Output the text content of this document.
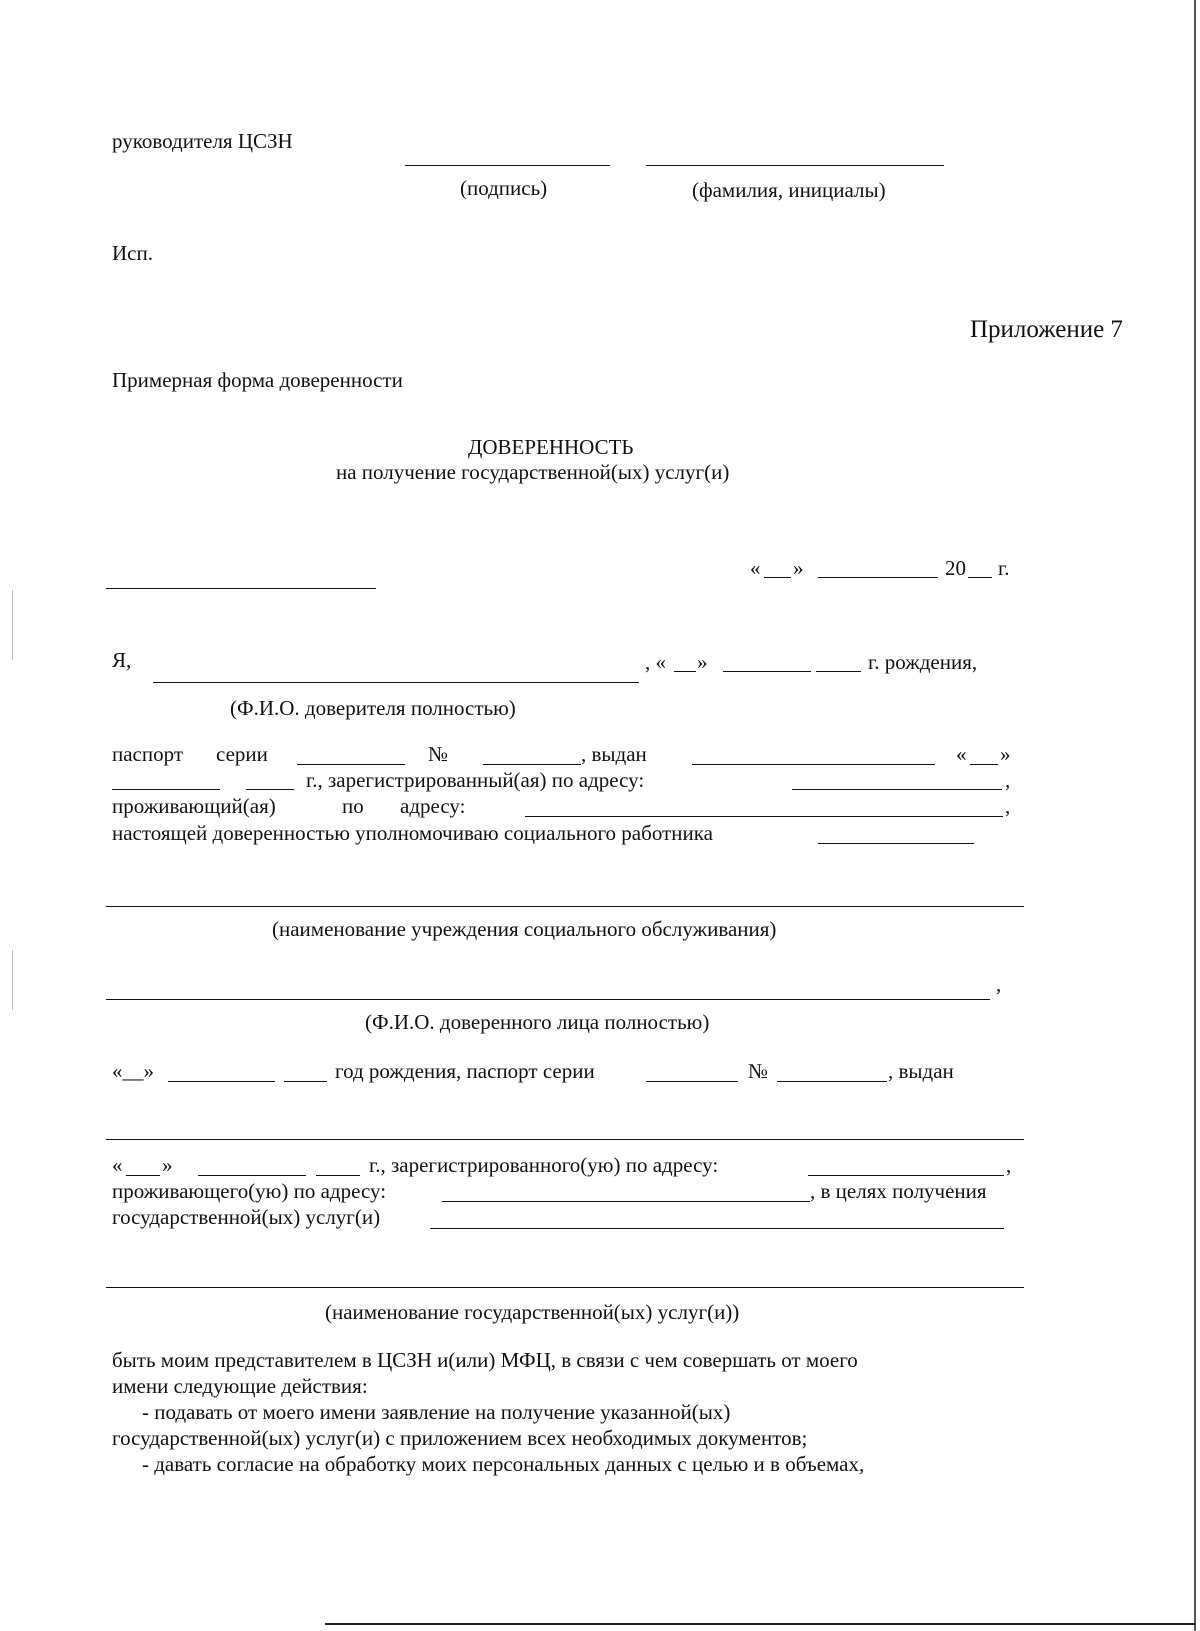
руководителя ЦСЗН
(подпись)	(фамилия, инициалы)
Исп.
Приложение 7
Примерная форма доверенности
ДОВЕРЕННОСТЬ
на получение государственной(ых) услуг(и)
« »	20 г.
Я,	, « »	г. рождения,
(Ф.И.О. доверителя полностью)
паспорт серии	№	, выдан	« »
г., зарегистрированный(ая) по адресу:	,
проживающий(ая)	по адресу:	,
настоящей доверенностью уполномочиваю социального работника
(наименование учреждения социального обслуживания)
,
(Ф.И.О. доверенного лица полностью)
«__»	год рождения, паспорт серии	№	, выдан
« »	г., зарегистрированного(ую) по адресу:	,
проживающего(ую) по адресу:	, в целях получения
государственной(ых) услуг(и)
(наименование государственной(ых) услуг(и))
быть моим представителем в ЦСЗН и(или) МФЦ, в связи с чем совершать от моего
имени следующие действия:
- подавать от моего имени заявление на получение указанной(ых)
государственной(ых) услуг(и) с приложением всех необходимых документов;
- давать согласие на обработку моих персональных данных с целью и в объемах,
